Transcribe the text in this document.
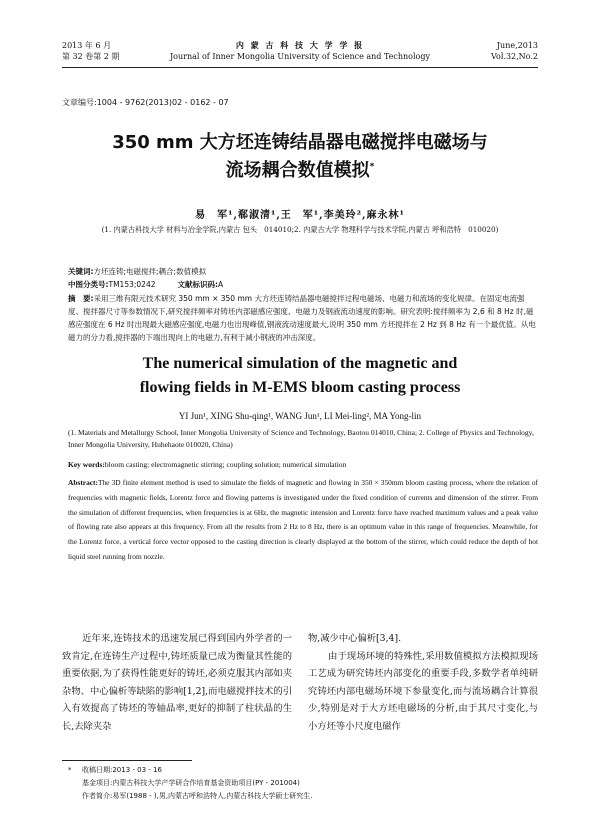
2013 年 6 月
第 32 卷第 2 期
内 蒙 古 科 技 大 学 学 报
Journal of Inner Mongolia University of Science and Technology
June,2013
Vol.32,No.2
文章编号:1004 - 9762(2013)02 - 0162 - 07
350 mm 大方坯连铸结晶器电磁搅拌电磁场与
流场耦合数值模拟*
易　军¹,郗淑清¹,王　军¹,李美玲²,麻永林¹
(1. 内蒙古科技大学 材料与冶金学院,内蒙古 包头　014010;2. 内蒙古大学 物理科学与技术学院,内蒙古 呼和浩特　010020)
关键词:方坯连铸;电磁搅拌;耦合;数值模拟
中图分类号:TM153;0242	文献标识码:A
摘　要:采用三维有限元技术研究 350 mm × 350 mm 大方坯连铸结晶器电磁搅拌过程电磁场、电磁力和流场的变化规律。在固定电流强度、搅拌器尺寸等参数情况下,研究搅拌频率对铸坯内部磁感应强度、电磁力及钢液流动速度的影响。研究表明:搅拌频率为 2,6 和 8 Hz 时,磁感应强度在 6 Hz 时出现最大磁感应强度,电磁力也出现峰值,钢液流动速度最大,说明 350 mm 方坯搅拌在 2 Hz 到 8 Hz 有一个最优值。从电磁力的分力看,搅拌器的下端出现向上的电磁力,有利于减小钢液的冲击深度。
The numerical simulation of the magnetic and
flowing fields in M-EMS bloom casting process
YI Jun¹, XING Shu-qing¹, WANG Jun¹, LI Mei-ling², MA Yong-lin
(1. Materials and Metallurgy School, Inner Mongolia University of Science and Technology, Baotou 014010, China; 2. College of Physics and Technology, Inner Mongolia University, Huhehaote 010020, China)
Key words:bloom casting; electromagnetic stirring; coupling solution; numerical simulation
Abstract:The 3D finite element method is used to simulate the fields of magnetic and flowing in 350 × 350mm bloom casting process, where the relation of frequencies with magnetic fields, Lorentz force and flowing patterns is investigated under the fixed condition of currents and dimension of the stirrer. From the simulation of different frequencies, when frequencies is at 6Hz, the magnetic intension and Lorentz force have reached maximum values and a peak value of flowing rate also appears at this frequency. From all the results from 2 Hz to 8 Hz, there is an optimum value in this range of frequencies. Meanwhile, for the Lorentz force, a vertical force vector opposed to the casting direction is clearly displayed at the bottom of the stirrer, which could reduce the depth of hot liquid steel running from nozzle.
近年来,连铸技术的迅速发展已得到国内外学者的一致肯定,在连铸生产过程中,铸坯质量已成为衡量其性能的重要依据,为了获得性能更好的铸坯,必须克服其内部如夹杂物、中心偏析等缺陷的影响[1,2],而电磁搅拌技术的引入有效提高了铸坯的等轴晶率,更好的抑制了柱状晶的生长,去除夹杂
物,减少中心偏析[3,4].
由于现场环境的特殊性,采用数值模拟方法模拟现场工艺成为研究铸坯内部变化的重要手段,多数学者单纯研究铸坯内部电磁场环境下参量变化,而与流场耦合计算很少,特别是对于大方坯电磁场的分析,由于其尺寸变化,与小方坯等小尺度电磁作
* 收稿日期:2013 - 03 - 16
基金项目:内蒙古科技大学产学研合作培育基金资助项目(PY - 201004)
作者简介:易军(1988 - ),男,内蒙古呼和浩特人,内蒙古科技大学硕士研究生.
